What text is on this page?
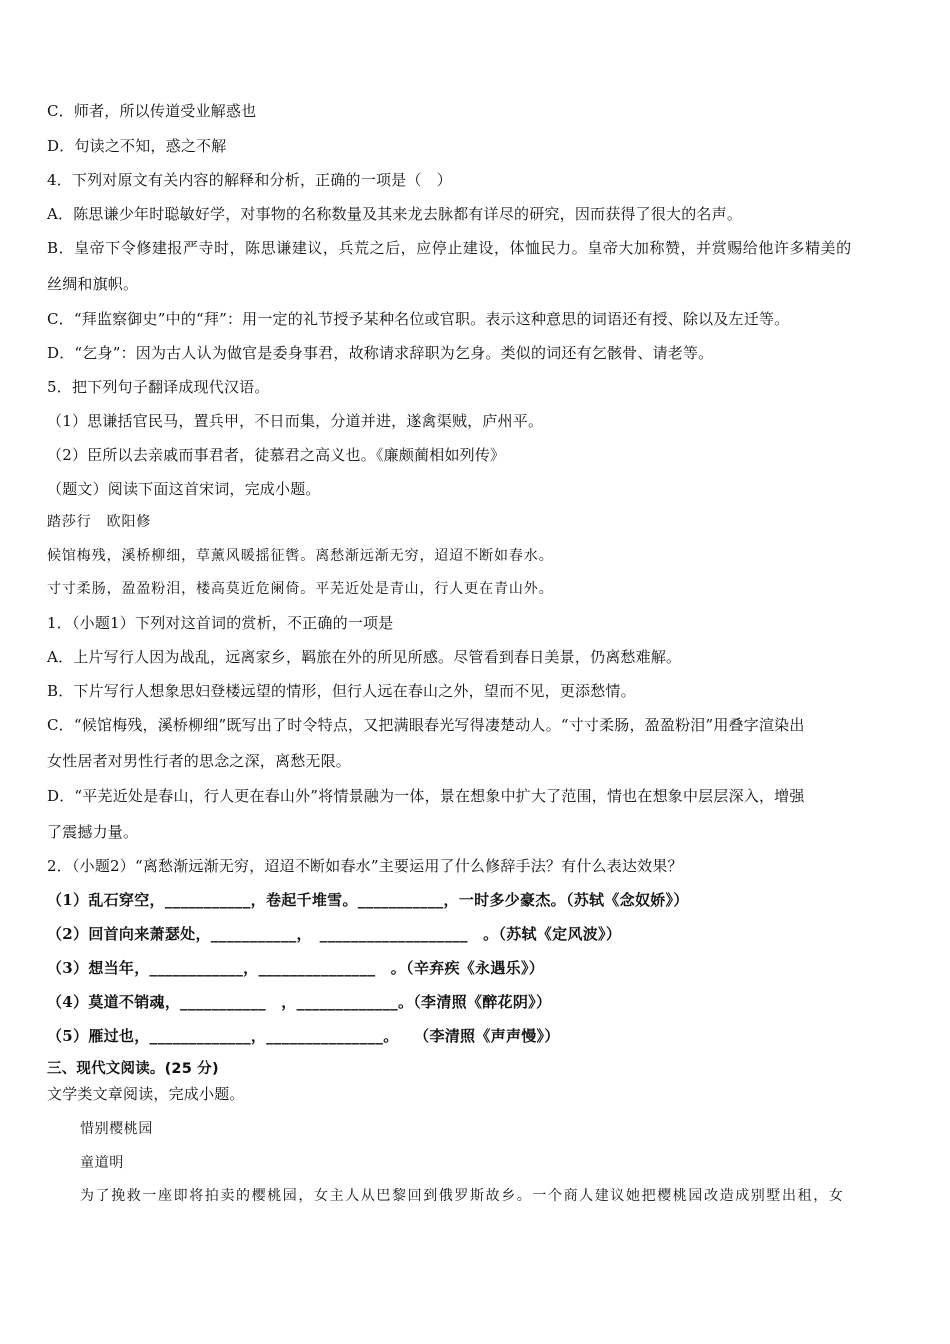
C．师者，所以传道受业解惑也
D．句读之不知，惑之不解
4．下列对原文有关内容的解释和分析，正确的一项是（　）
A．陈思谦少年时聪敏好学，对事物的名称数量及其来龙去脉都有详尽的研究，因而获得了很大的名声。
B．皇帝下令修建报严寺时，陈思谦建议，兵荒之后，应停止建设，体恤民力。皇帝大加称赞，并赏赐给他许多精美的
丝绸和旗帜。
C．“拜监察御史”中的“拜”：用一定的礼节授予某种名位或官职。表示这种意思的词语还有授、除以及左迁等。
D．“乞身”：因为古人认为做官是委身事君，故称请求辞职为乞身。类似的词还有乞骸骨、请老等。
5．把下列句子翻译成现代汉语。
（1）思谦括官民马，置兵甲，不日而集，分道并进，遂禽渠贼，庐州平。
（2）臣所以去亲戚而事君者，徒慕君之高义也。《廉颇蔺相如列传》
（题文）阅读下面这首宋词，完成小题。
踏莎行　欧阳修
候馆梅残，溪桥柳细，草薰风暖摇征辔。离愁渐远渐无穷，迢迢不断如春水。
寸寸柔肠，盈盈粉泪，楼高莫近危阑倚。平芜近处是青山，行人更在青山外。
1．（小题1）下列对这首词的赏析，不正确的一项是
A．上片写行人因为战乱，远离家乡，羁旅在外的所见所感。尽管看到春日美景，仍离愁难解。
B．下片写行人想象思妇登楼远望的情形，但行人远在春山之外，望而不见，更添愁情。
C．“候馆梅残，溪桥柳细”既写出了时令特点，又把满眼春光写得凄楚动人。“寸寸柔肠，盈盈粉泪”用叠字渲染出
女性居者对男性行者的思念之深，离愁无限。
D．“平芜近处是春山，行人更在春山外”将情景融为一体，景在想象中扩大了范围，情也在想象中层层深入，增强
了震撼力量。
2．（小题2）“离愁渐远渐无穷，迢迢不断如春水”主要运用了什么修辞手法？有什么表达效果？
（1）乱石穿空，___________，卷起千堆雪。___________，一时多少豪杰。（苏轼《念奴娇》）
（2）回首向来萧瑟处，___________，　___________________　。（苏轼《定风波》）
（3）想当年，____________，_______________　。（辛弃疾《永遇乐》）
（4）莫道不销魂，___________　，_____________。（李清照《醉花阴》）
（5）雁过也，_____________，_______________。　　（李清照《声声慢》）
三、现代文阅读。(25 分)
文学类文章阅读，完成小题。
惜别樱桃园
童道明
为了挽救一座即将拍卖的樱桃园，女主人从巴黎回到俄罗斯故乡。一个商人建议她把樱桃园改造成别墅出租，女
